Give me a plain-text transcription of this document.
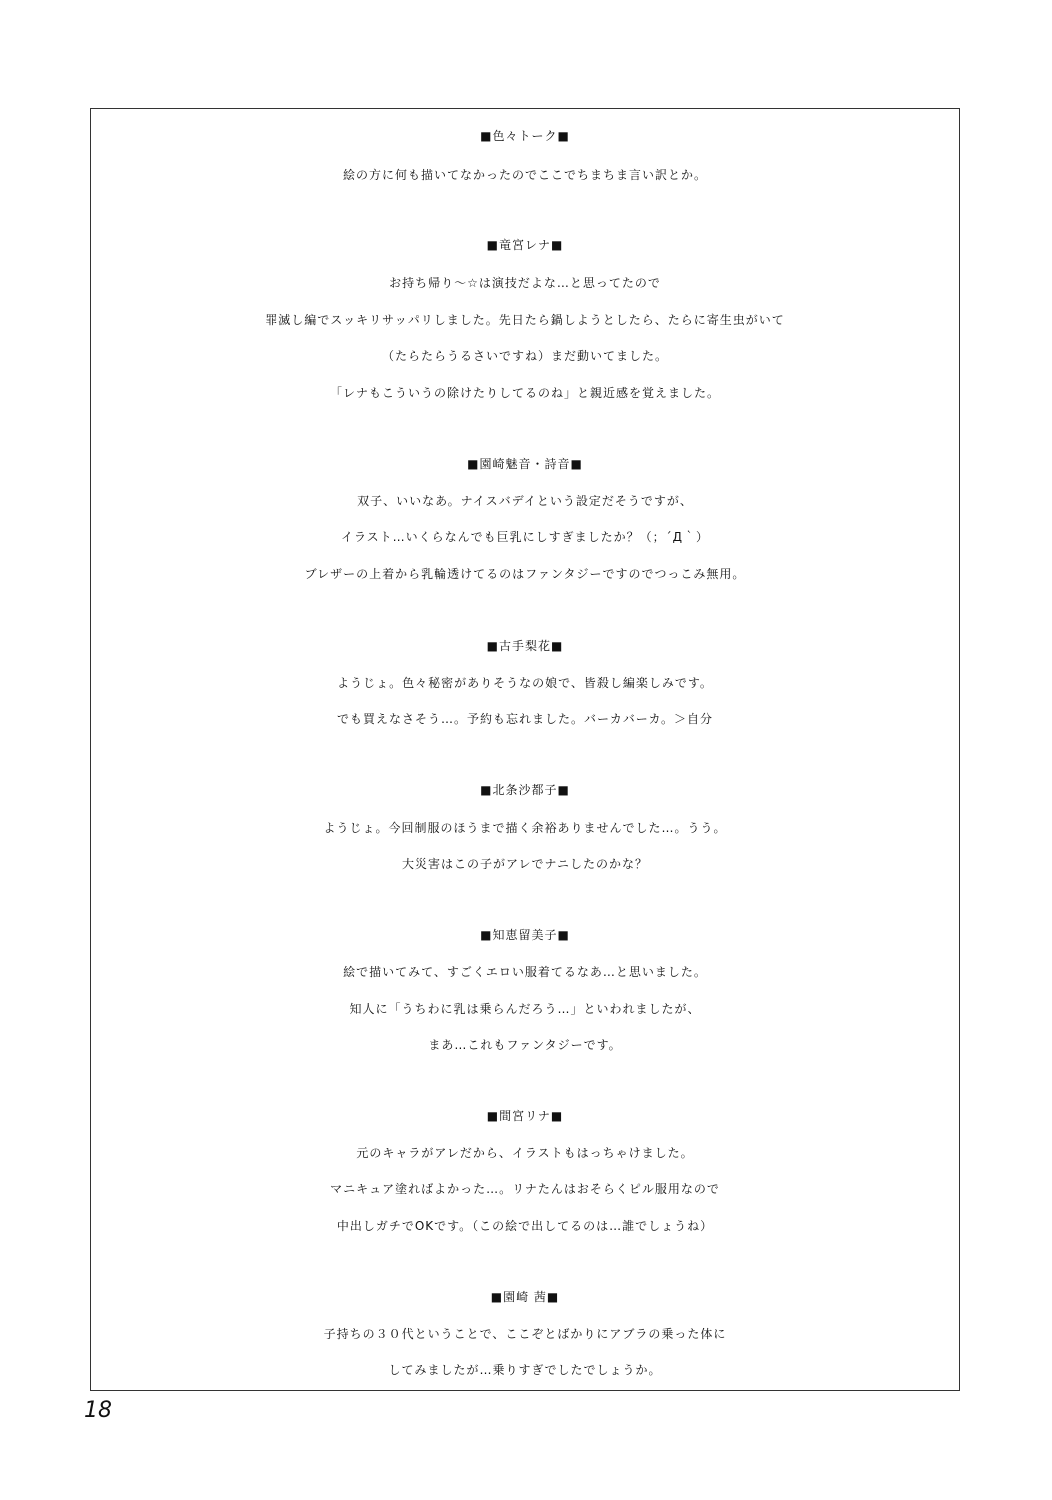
■色々トーク■
絵の方に何も描いてなかったのでここでちまちま言い訳とか。
■竜宮レナ■
お持ち帰り～☆は演技だよな…と思ってたので
罪滅し編でスッキリサッパリしました。先日たら鍋しようとしたら、たらに寄生虫がいて
（たらたらうるさいですね）まだ動いてました。
「レナもこういうの除けたりしてるのね」と親近感を覚えました。
■園崎魅音・詩音■
双子、いいなあ。ナイスバデイという設定だそうですが、
イラスト…いくらなんでも巨乳にしすぎましたか？（；´Д｀）
ブレザーの上着から乳輪透けてるのはファンタジーですのでつっこみ無用。
■古手梨花■
ようじょ。色々秘密がありそうなの娘で、皆殺し編楽しみです。
でも買えなさそう…。予約も忘れました。バーカバーカ。＞自分
■北条沙都子■
ようじょ。今回制服のほうまで描く余裕ありませんでした…。うう。
大災害はこの子がアレでナニしたのかな？
■知恵留美子■
絵で描いてみて、すごくエロい服着てるなあ…と思いました。
知人に「うちわに乳は乗らんだろう…」といわれましたが、
まあ…これもファンタジーです。
■間宮リナ■
元のキャラがアレだから、イラストもはっちゃけました。
マニキュア塗ればよかった…。リナたんはおそらくピル服用なので
中出しガチでOKです。（この絵で出してるのは…誰でしょうね）
■園崎 茜■
子持ちの３０代ということで、ここぞとばかりにアブラの乗った体に
してみましたが…乗りすぎでしたでしょうか。
18
